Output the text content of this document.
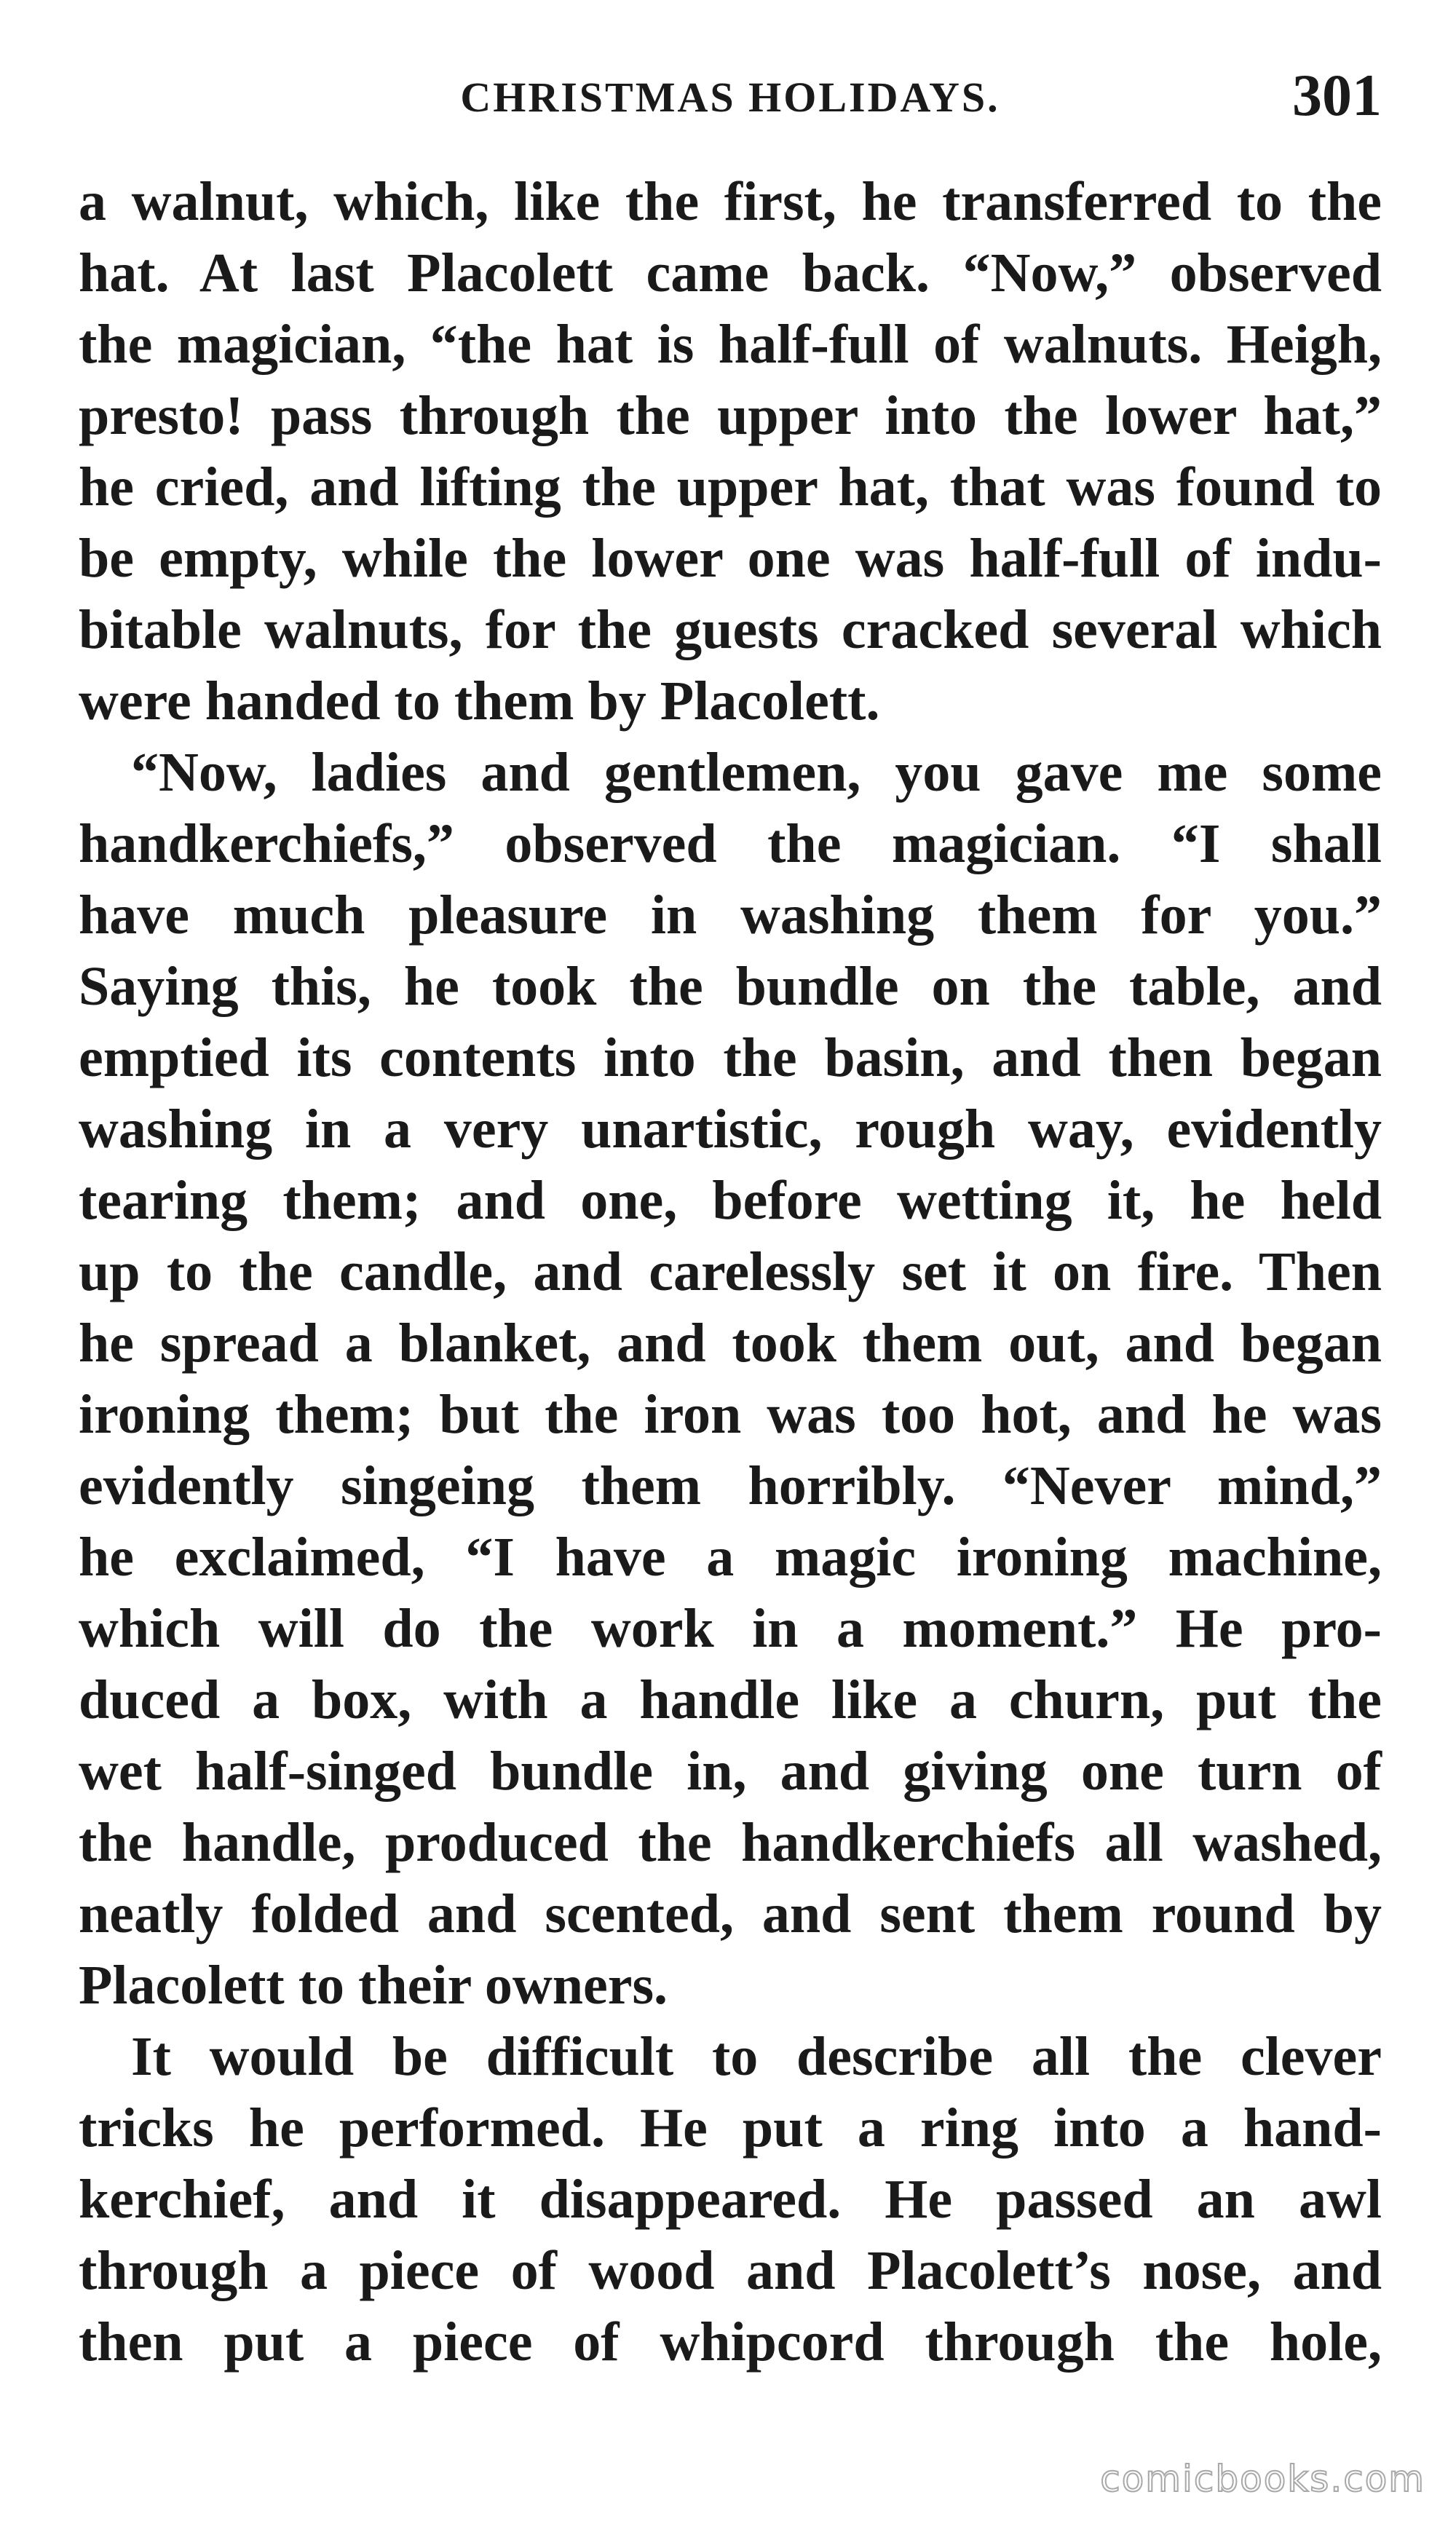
CHRISTMAS HOLIDAYS.	301
a walnut, which, like the first, he transferred to the
hat. At last Placolett came back. “Now,” observed
the magician, “the hat is half-full of walnuts. Heigh,
presto! pass through the upper into the lower hat,”
he cried, and lifting the upper hat, that was found to
be empty, while the lower one was half-full of indu-
bitable walnuts, for the guests cracked several which
were handed to them by Placolett.
“Now, ladies and gentlemen, you gave me some
handkerchiefs,” observed the magician. “I shall
have much pleasure in washing them for you.”
Saying this, he took the bundle on the table, and
emptied its contents into the basin, and then began
washing in a very unartistic, rough way, evidently
tearing them; and one, before wetting it, he held
up to the candle, and carelessly set it on fire. Then
he spread a blanket, and took them out, and began
ironing them; but the iron was too hot, and he was
evidently singeing them horribly. “Never mind,”
he exclaimed, “I have a magic ironing machine,
which will do the work in a moment.” He pro-
duced a box, with a handle like a churn, put the
wet half-singed bundle in, and giving one turn of
the handle, produced the handkerchiefs all washed,
neatly folded and scented, and sent them round by
Placolett to their owners.
It would be difficult to describe all the clever
tricks he performed. He put a ring into a hand-
kerchief, and it disappeared. He passed an awl
through a piece of wood and Placolett’s nose, and
then put a piece of whipcord through the hole,
comicbooks.com
